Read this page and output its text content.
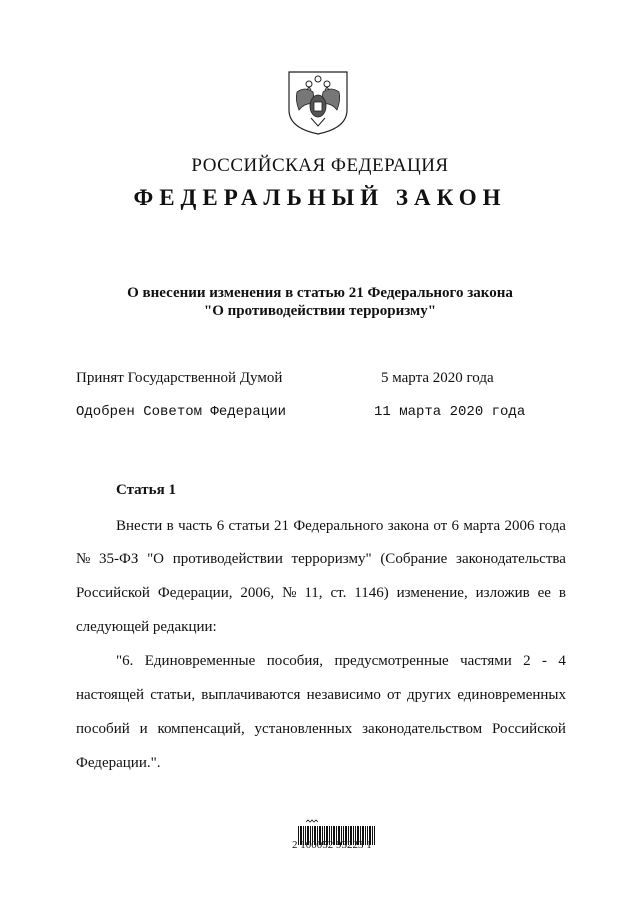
РОССИЙСКАЯ ФЕДЕРАЦИЯ
ФЕДЕРАЛЬНЫЙ ЗАКОН
О внесении изменения в статью 21 Федерального закона
"О противодействии терроризму"
Принят Государственной Думой	5 марта 2020 года
Одобрен Советом Федерации	11 марта 2020 года
Статья 1
Внести в часть 6 статьи 21 Федерального закона от 6 марта 2006 года
№ 35-ФЗ "О противодействии терроризму" (Собрание законодательства
Российской Федерации, 2006, № 11, ст. 1146) изменение, изложив ее в
следующей редакции:
"6. Единовременные пособия, предусмотренные частями 2 - 4
настоящей статьи, выплачиваются независимо от других единовременных
пособий и компенсаций, установленных законодательством Российской
Федерации.".
2 100052 93223 1
